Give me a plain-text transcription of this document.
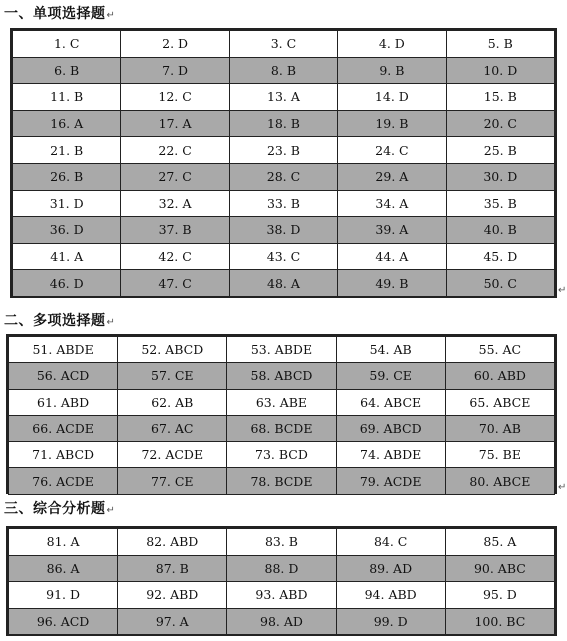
一、单项选择题↵
1. C	2. D	3. C	4. D	5. B
6. B	7. D	8. B	9. B	10. D
11. B	12. C	13. A	14. D	15. B
16. A	17. A	18. B	19. B	20. C
21. B	22. C	23. B	24. C	25. B
26. B	27. C	28. C	29. A	30. D
31. D	32. A	33. B	34. A	35. B
36. D	37. B	38. D	39. A	40. B
41. A	42. C	43. C	44. A	45. D
46. D	47. C	48. A	49. B	50. C	↵
二、多项选择题↵
51. ABDE	52. ABCD	53. ABDE	54. AB	55. AC
56. ACD	57. CE	58. ABCD	59. CE	60. ABD
61. ABD	62. AB	63. ABE	64. ABCE	65. ABCE
66. ACDE	67. AC	68. BCDE	69. ABCD	70. AB
71. ABCD	72. ACDE	73. BCD	74. ABDE	75. BE
76. ACDE	77. CE	78. BCDE	79. ACDE	80. ABCE	↵
三、综合分析题↵
81. A	82. ABD	83. B	84. C	85. A
86. A	87. B	88. D	89. AD	90. ABC
91. D	92. ABD	93. ABD	94. ABD	95. D
96. ACD	97. A	98. AD	99. D	100. BC
